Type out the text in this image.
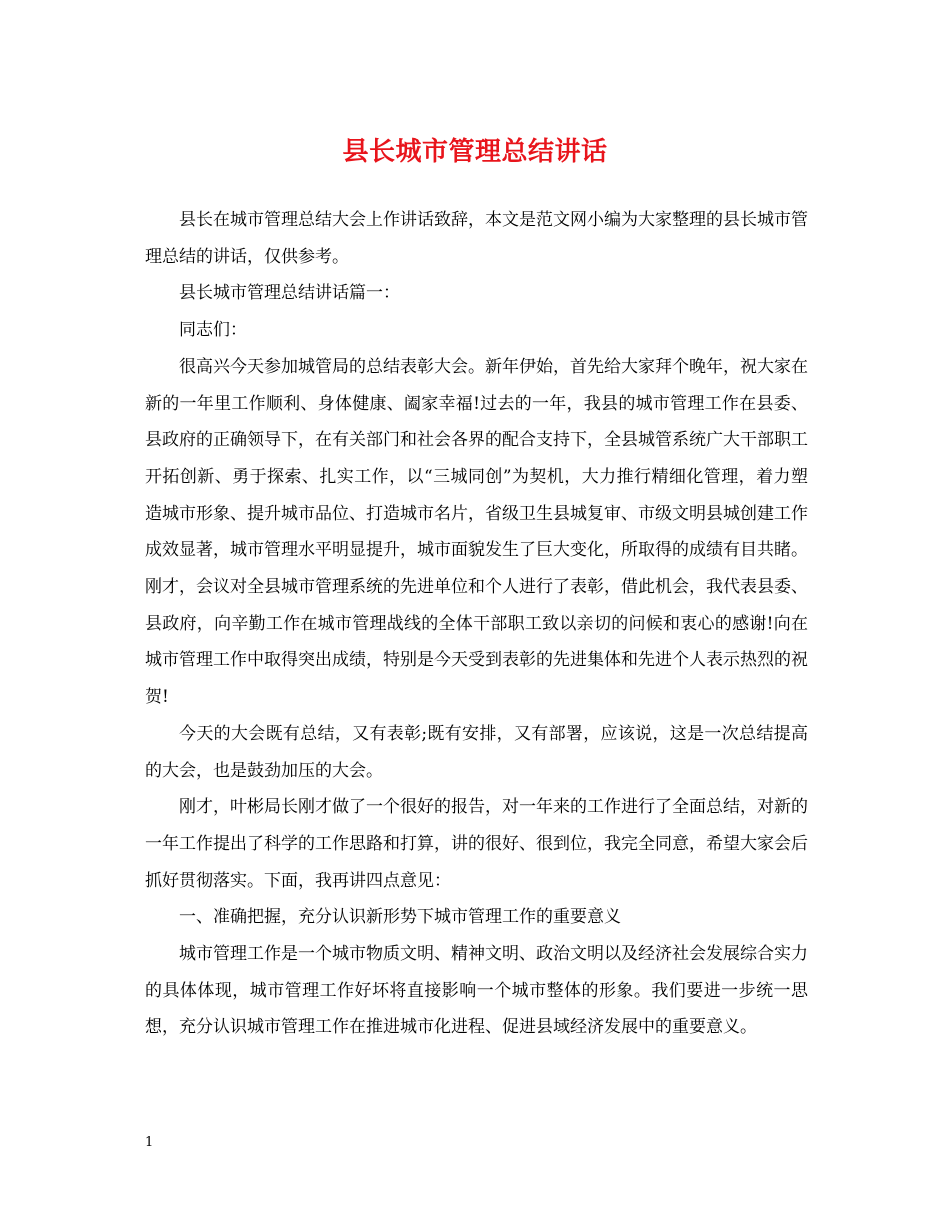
县长城市管理总结讲话

县长在城市管理总结大会上作讲话致辞，本文是范文网小编为大家整理的县长城市管理总结的讲话，仅供参考。

县长城市管理总结讲话篇一：

同志们：

很高兴今天参加城管局的总结表彰大会。新年伊始，首先给大家拜个晚年，祝大家在新的一年里工作顺利、身体健康、阖家幸福!过去的一年，我县的城市管理工作在县委、县政府的正确领导下，在有关部门和社会各界的配合支持下，全县城管系统广大干部职工开拓创新、勇于探索、扎实工作，以“三城同创”为契机，大力推行精细化管理，着力塑造城市形象、提升城市品位、打造城市名片，省级卫生县城复审、市级文明县城创建工作成效显著，城市管理水平明显提升，城市面貌发生了巨大变化，所取得的成绩有目共睹。刚才，会议对全县城市管理系统的先进单位和个人进行了表彰，借此机会，我代表县委、县政府，向辛勤工作在城市管理战线的全体干部职工致以亲切的问候和衷心的感谢!向在城市管理工作中取得突出成绩，特别是今天受到表彰的先进集体和先进个人表示热烈的祝贺!

今天的大会既有总结，又有表彰;既有安排，又有部署，应该说，这是一次总结提高的大会，也是鼓劲加压的大会。

刚才，叶彬局长刚才做了一个很好的报告，对一年来的工作进行了全面总结，对新的一年工作提出了科学的工作思路和打算，讲的很好、很到位，我完全同意，希望大家会后抓好贯彻落实。下面，我再讲四点意见：

一、准确把握，充分认识新形势下城市管理工作的重要意义

城市管理工作是一个城市物质文明、精神文明、政治文明以及经济社会发展综合实力的具体体现，城市管理工作好坏将直接影响一个城市整体的形象。我们要进一步统一思想，充分认识城市管理工作在推进城市化进程、促进县域经济发展中的重要意义。

1
